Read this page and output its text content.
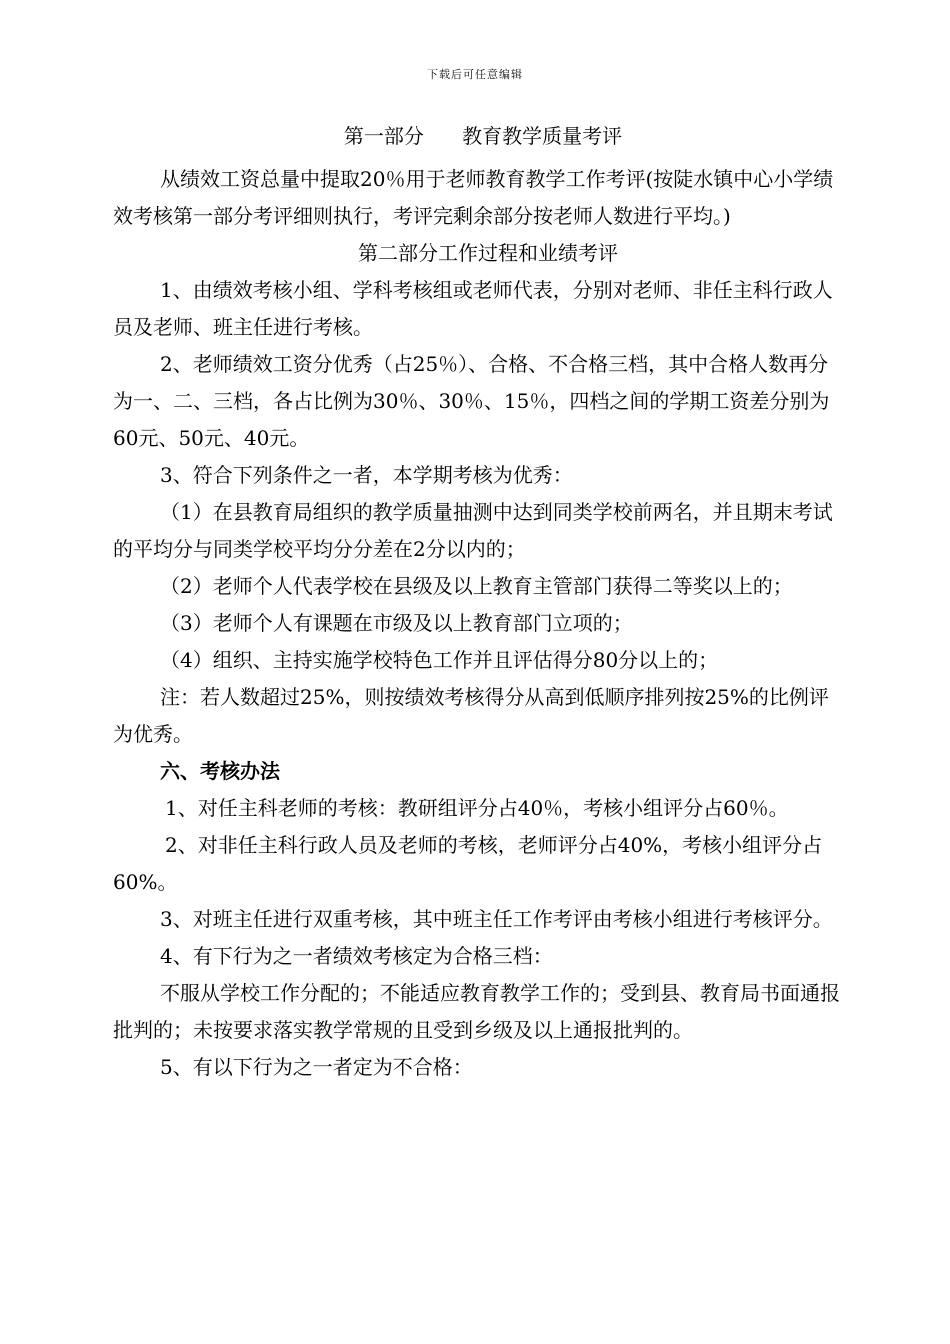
下载后可任意编辑

第一部分      教育教学质量考评

从绩效工资总量中提取20％用于老师教育教学工作考评(按陡水镇中心小学绩效考核第一部分考评细则执行，考评完剩余部分按老师人数进行平均。)

第二部分工作过程和业绩考评

1、由绩效考核小组、学科考核组或老师代表，分别对老师、非任主科行政人员及老师、班主任进行考核。

2、老师绩效工资分优秀（占25％）、合格、不合格三档，其中合格人数再分为一、二、三档，各占比例为30％、30％、15％，四档之间的学期工资差分别为60元、50元、40元。

3、符合下列条件之一者，本学期考核为优秀：

（1）在县教育局组织的教学质量抽测中达到同类学校前两名，并且期末考试的平均分与同类学校平均分分差在2分以内的；

（2）老师个人代表学校在县级及以上教育主管部门获得二等奖以上的；

（3）老师个人有课题在市级及以上教育部门立项的；

（4）组织、主持实施学校特色工作并且评估得分80分以上的；

注：若人数超过25%，则按绩效考核得分从高到低顺序排列按25%的比例评为优秀。

六、考核办法

1、对任主科老师的考核：教研组评分占40％，考核小组评分占60％。

2、对非任主科行政人员及老师的考核，老师评分占40%，考核小组评分占60%。

3、对班主任进行双重考核，其中班主任工作考评由考核小组进行考核评分。

4、有下行为之一者绩效考核定为合格三档：

不服从学校工作分配的；不能适应教育教学工作的；受到县、教育局书面通报批判的；未按要求落实教学常规的且受到乡级及以上通报批判的。

5、有以下行为之一者定为不合格：
